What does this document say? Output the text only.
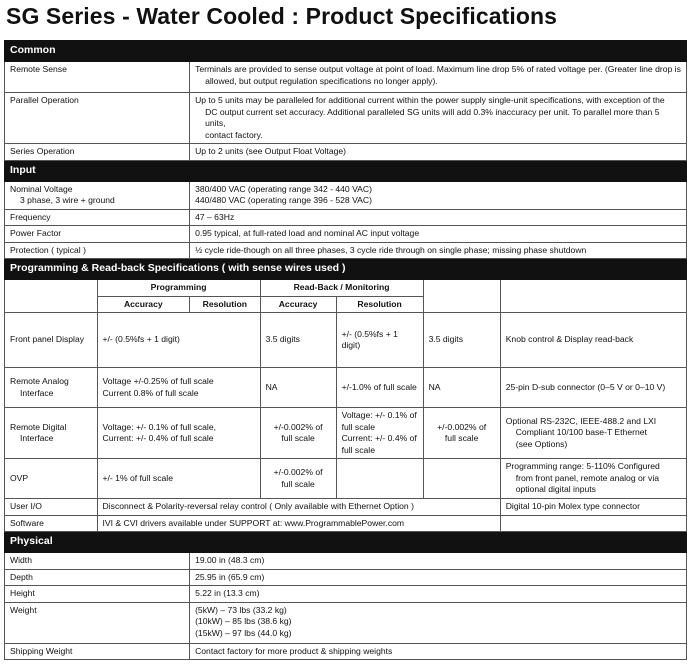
SG Series - Water Cooled : Product Specifications
Common						
Remote Sense		Terminals are provided to sense output voltage at point of load. Maximum line drop 5% of rated voltage per. (Greater line drop is
allowed, but output regulation specifications no longer apply).				

Parallel Operation		Up to 5 units may be paralleled for additional current within the power supply single-unit specifications, with exception of the
DC output current set accuracy. Additional paralleled SG units will add 0.3% inaccuracy per unit. To parallel more than 5 units,
contact factory.				

Series Operation		Up to 2 units (see Output Float Voltage)				
Input						
Nominal Voltage
3 phase, 3 wire + ground		380/400 VAC (operating range 342 - 440 VAC)
440/480 VAC (operating range 396 - 528 VAC)				
Frequency		47 – 63Hz				
Power Factor		0.95 typical, at full-rated load and nominal AC input voltage				
Protection ( typical )		½ cycle ride-though on all three phases, 3 cycle ride through on single phase; missing phase shutdown				
Programming & Read-back Specifications ( with sense wires used )						
	Programming		Read-Back / Monitoring			
	Accuracy	Resolution	Accuracy	Resolution		
Front panel Display	+/- (0.5%fs + 1 digit)		3.5 digits	+/- (0.5%fs + 1 digit)	3.5 digits	Knob control & Display read-back
Remote Analog
Interface	Voltage +/-0.25% of full scale
Current 0.8% of full scale		NA	+/-1.0% of full scale	NA	25-pin D-sub connector (0–5 V or 0–10 V)
Remote Digital
Interface	Voltage: +/- 0.1% of full scale,
Current: +/- 0.4% of full scale		+/-0.002% of
full scale	Voltage: +/- 0.1% of full scale
Current: +/- 0.4% of full scale	+/-0.002% of
full scale	Optional RS-232C, IEEE-488.2 and LXI
Compliant 10/100 base-T Ethernet
(see Options)

OVP	+/- 1% of full scale		+/-0.002% of
full scale			Programming range: 5-110% Configured
from front panel, remote analog or via
optional digital inputs

User I/O	Disconnect & Polarity-reversal relay control ( Only available with Ethernet Option )					Digital 10-pin Molex type connector
Software	IVI & CVI drivers available under SUPPORT at: www.ProgrammablePower.com					
Physical						
Width		19.00 in (48.3 cm)				
Depth		25.95 in (65.9 cm)				
Height		5.22 in (13.3 cm)				
Weight		(5kW) – 73 lbs (33.2 kg)
(10kW) – 85 lbs (38.6 kg)
(15kW) – 97 lbs (44.0 kg)				

Shipping Weight		Contact factory for more product & shipping weights				
